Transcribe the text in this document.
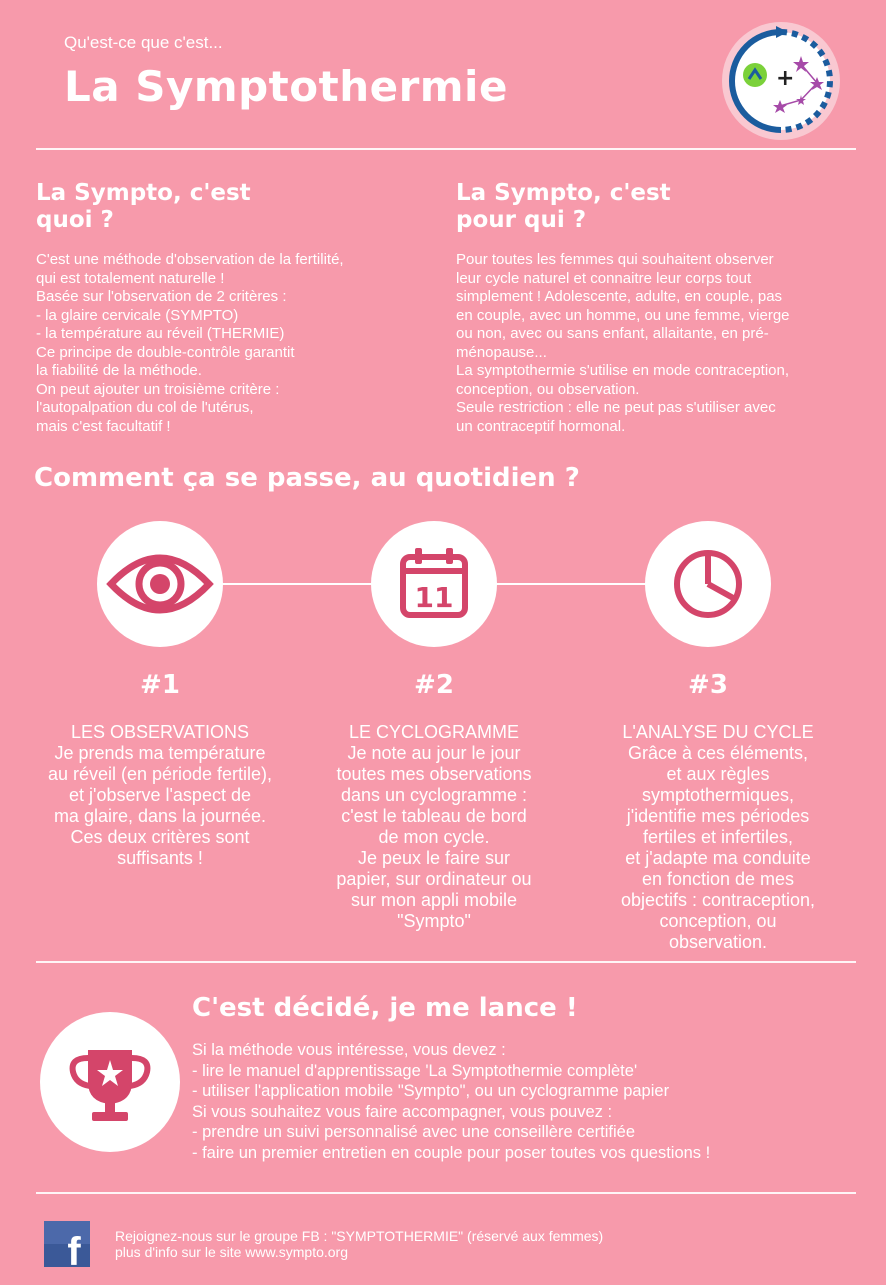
Qu'est-ce que c'est...
La Symptothermie	+
La Sympto, c'est
quoi ?
C'est une méthode d'observation de la fertilité,
qui est totalement naturelle !
Basée sur l'observation de 2 critères :
- la glaire cervicale (SYMPTO)
- la température au réveil (THERMIE)
Ce principe de double-contrôle garantit
la fiabilité de la méthode.
On peut ajouter un troisième critère :
l'autopalpation du col de l'utérus,
mais c'est facultatif !
La Sympto, c'est
pour qui ?
Pour toutes les femmes qui souhaitent observer
leur cycle naturel et connaitre leur corps tout
simplement ! Adolescente, adulte, en couple, pas
en couple, avec un homme, ou une femme, vierge
ou non, avec ou sans enfant, allaitante, en pré-
ménopause...
La symptothermie s'utilise en mode contraception,
conception, ou observation.
Seule restriction : elle ne peut pas s'utiliser avec
un contraceptif hormonal.
Comment ça se passe, au quotidien ?
11
#1	#2	#3
LES OBSERVATIONS
Je prends ma température
au réveil (en période fertile),
et j'observe l'aspect de
ma glaire, dans la journée.
Ces deux critères sont
suffisants !
LE CYCLOGRAMME
Je note au jour le jour
toutes mes observations
dans un cyclogramme :
c'est le tableau de bord
de mon cycle.
Je peux le faire sur
papier, sur ordinateur ou
sur mon appli mobile
"Sympto"
L'ANALYSE DU CYCLE
Grâce à ces éléments,
et aux règles
symptothermiques,
j'identifie mes périodes
fertiles et infertiles,
et j'adapte ma conduite
en fonction de mes
objectifs : contraception,
conception, ou
observation.
C'est décidé, je me lance !
Si la méthode vous intéresse, vous devez :
- lire le manuel d'apprentissage 'La Symptothermie complète'
- utiliser l'application mobile "Sympto", ou un cyclogramme papier
Si vous souhaitez vous faire accompagner, vous pouvez :
- prendre un suivi personnalisé avec une conseillère certifiée
- faire un premier entretien en couple pour poser toutes vos questions !
f Rejoignez-nous sur le groupe FB : "SYMPTOTHERMIE" (réservé aux femmes)
plus d'info sur le site www.sympto.org
